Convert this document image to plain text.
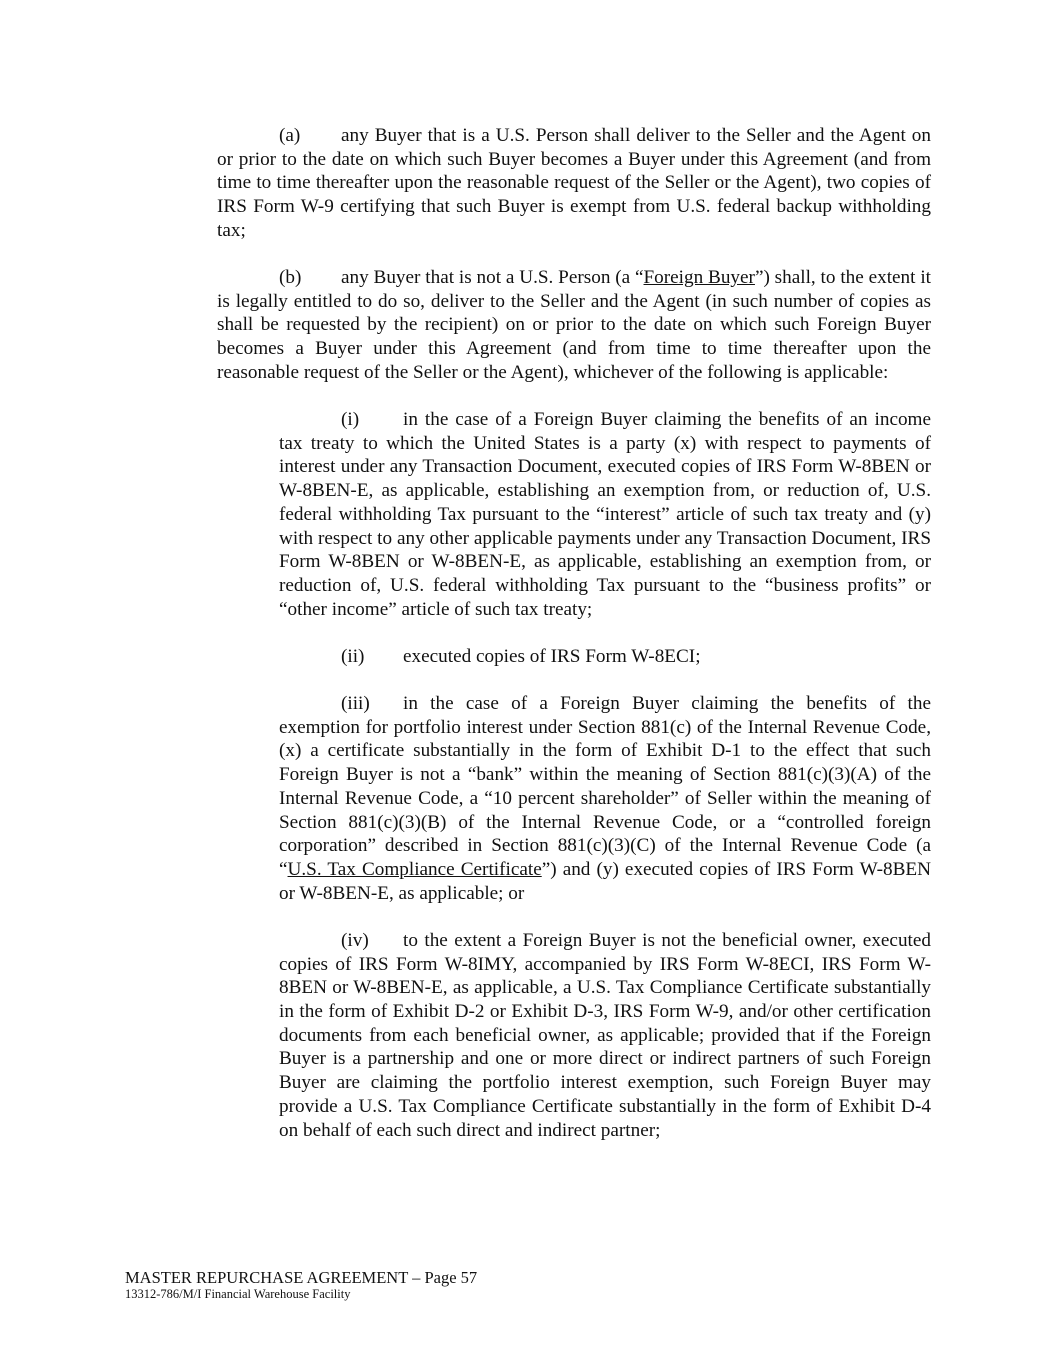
(a) any Buyer that is a U.S. Person shall deliver to the Seller and the Agent on or prior to the date on which such Buyer becomes a Buyer under this Agreement (and from time to time thereafter upon the reasonable request of the Seller or the Agent), two copies of IRS Form W-9 certifying that such Buyer is exempt from U.S. federal backup withholding tax;

(b) any Buyer that is not a U.S. Person (a “Foreign Buyer”) shall, to the extent it is legally entitled to do so, deliver to the Seller and the Agent (in such number of copies as shall be requested by the recipient) on or prior to the date on which such Foreign Buyer becomes a Buyer under this Agreement (and from time to time thereafter upon the reasonable request of the Seller or the Agent), whichever of the following is applicable:

(i) in the case of a Foreign Buyer claiming the benefits of an income tax treaty to which the United States is a party (x) with respect to payments of interest under any Transaction Document, executed copies of IRS Form W-8BEN or W-8BEN-E, as applicable, establishing an exemption from, or reduction of, U.S. federal withholding Tax pursuant to the “interest” article of such tax treaty and (y) with respect to any other applicable payments under any Transaction Document, IRS Form W-8BEN or W-8BEN-E, as applicable, establishing an exemption from, or reduction of, U.S. federal withholding Tax pursuant to the “business profits” or “other income” article of such tax treaty;

(ii) executed copies of IRS Form W-8ECI;

(iii) in the case of a Foreign Buyer claiming the benefits of the exemption for portfolio interest under Section 881(c) of the Internal Revenue Code, (x) a certificate substantially in the form of Exhibit D-1 to the effect that such Foreign Buyer is not a “bank” within the meaning of Section 881(c)(3)(A) of the Internal Revenue Code, a “10 percent shareholder” of Seller within the meaning of Section 881(c)(3)(B) of the Internal Revenue Code, or a “controlled foreign corporation” described in Section 881(c)(3)(C) of the Internal Revenue Code (a “U.S. Tax Compliance Certificate”) and (y) executed copies of IRS Form W-8BEN or W-8BEN-E, as applicable; or

(iv) to the extent a Foreign Buyer is not the beneficial owner, executed copies of IRS Form W-8IMY, accompanied by IRS Form W-8ECI, IRS Form W-8BEN or W-8BEN-E, as applicable, a U.S. Tax Compliance Certificate substantially in the form of Exhibit D-2 or Exhibit D-3, IRS Form W-9, and/or other certification documents from each beneficial owner, as applicable; provided that if the Foreign Buyer is a partnership and one or more direct or indirect partners of such Foreign Buyer are claiming the portfolio interest exemption, such Foreign Buyer may provide a U.S. Tax Compliance Certificate substantially in the form of Exhibit D-4 on behalf of each such direct and indirect partner;

MASTER REPURCHASE AGREEMENT – Page 57
13312-786/M/I Financial Warehouse Facility
